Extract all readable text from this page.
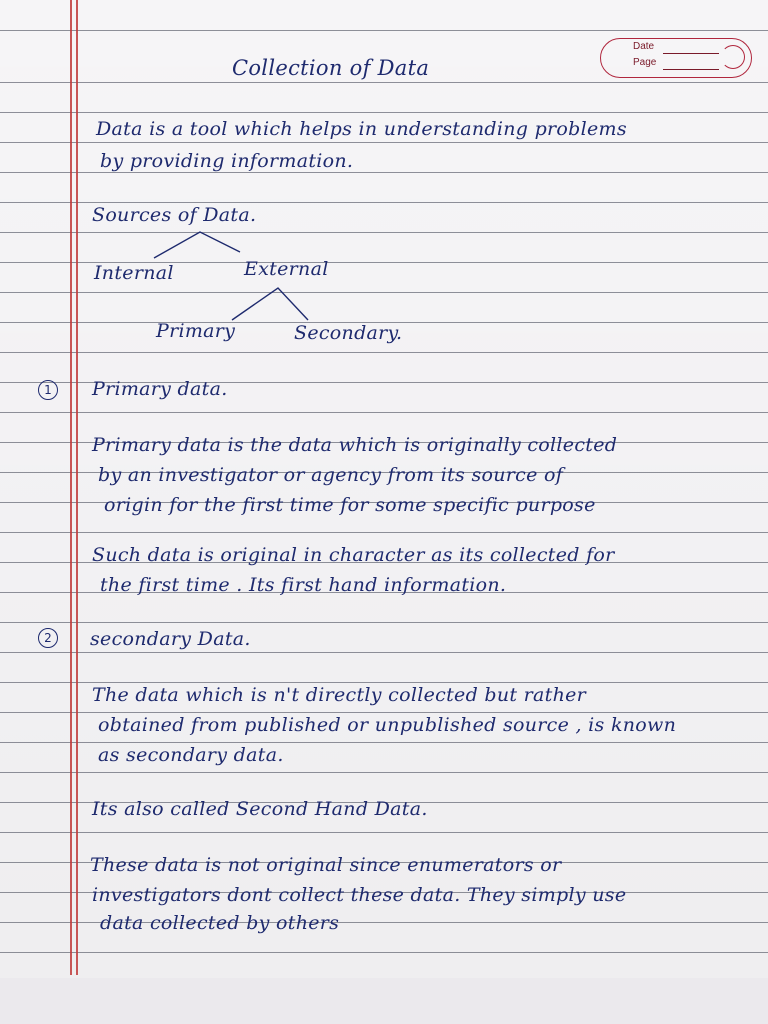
Date
Page
Collection of Data
Data is a tool which helps in understanding problems
by providing information.
Sources of Data.
Internal	External
Primary	Secondary.
1	Primary data.
Primary data is the data which is originally collected
by an investigator or agency from its source of
origin for the first time for some specific purpose
Such data is original in character as its collected for
the first time . Its first hand information.
2	secondary Data.
The data which is n't directly collected but rather
obtained from published or unpublished source , is known
as secondary data.
Its also called Second Hand Data.
These data is not original since enumerators or
investigators dont collect these data. They simply use
data collected by others
